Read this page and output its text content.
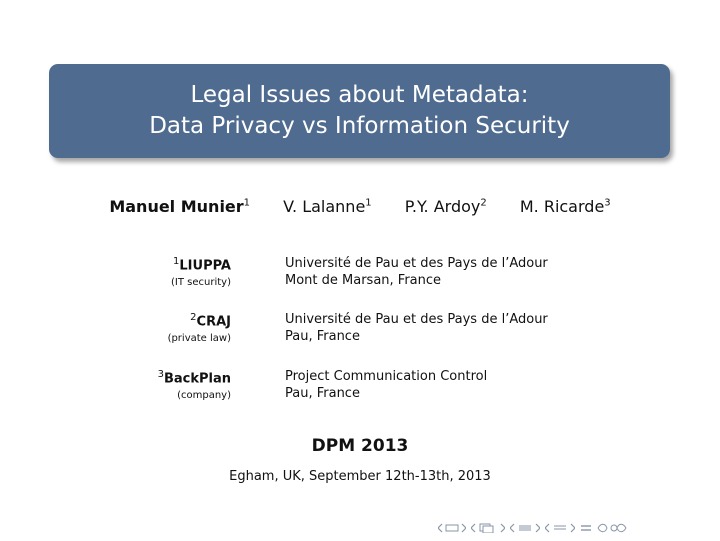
Legal Issues about Metadata:
Data Privacy vs Information Security
Manuel Munier$^1$ V. Lalanne$^1$ P.Y. Ardoy$^2$ M. Ricarde$^3$
$^1$LIUPPA
(IT security)
Université de Pau et des Pays de l’Adour
Mont de Marsan, France
$^2$CRAJ
(private law)
Université de Pau et des Pays de l’Adour
Pau, France
$^3$BackPlan
(company)
Project Communication Control
Pau, France
DPM 2013
Egham, UK, September 12th-13th, 2013
